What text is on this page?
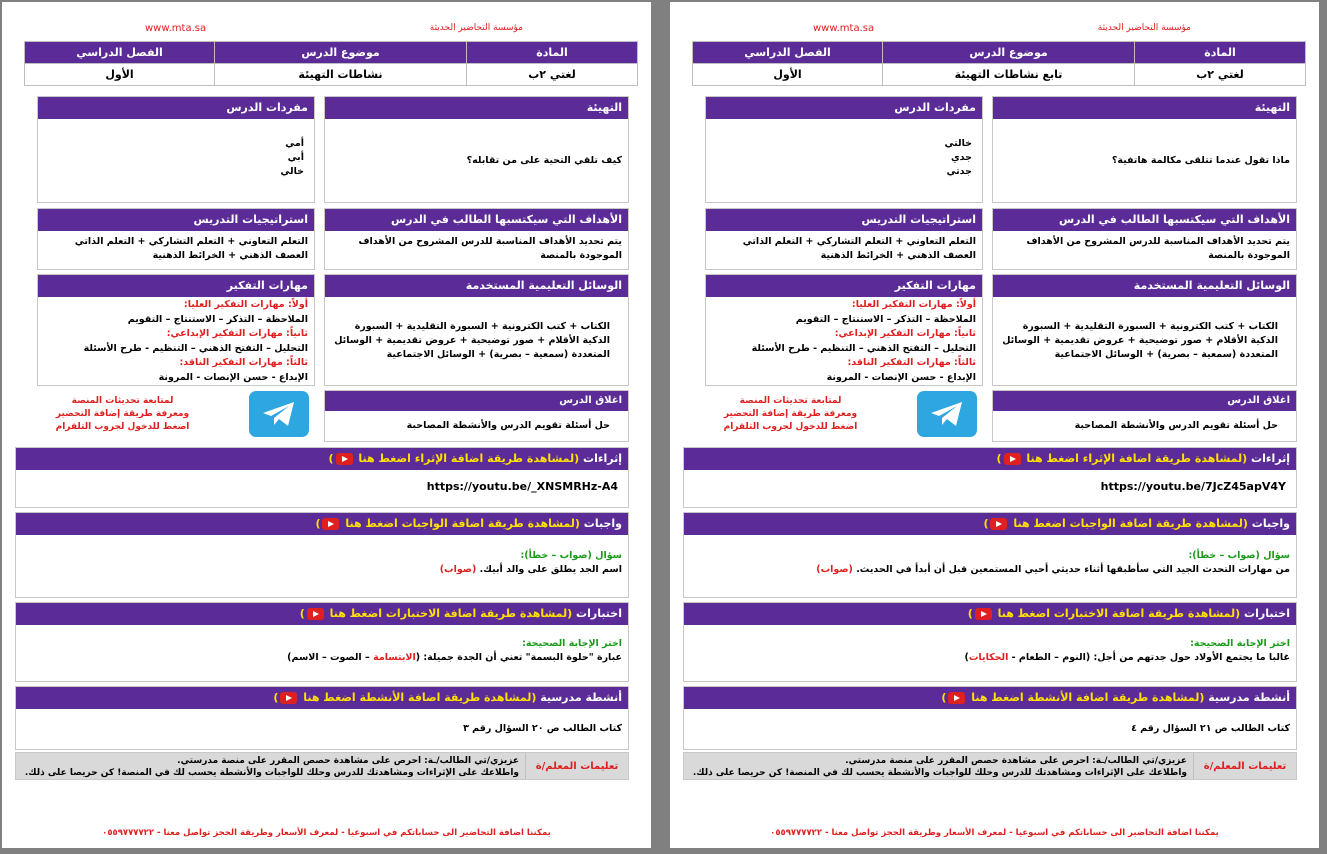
مؤسسة التحاضير الحديثة
www.mta.sa
المادة	موضوع الدرس	الفصل الدراسي
لغتي ٢ب	تابع نشاطات التهيئة	الأول
التهيئة
ماذا تقول عندما تتلقى مكالمة هاتفية؟
مفردات الدرس
خالتي
جدي
جدتي
الأهداف التي سيكتسبها الطالب في الدرس
يتم تحديد الأهداف المناسبة للدرس المشروح من الأهداف الموجودة بالمنصة
استراتيجيات التدريس
التعلم التعاوني + التعلم التشاركي + التعلم الذاتي العصف الذهني + الخرائط الذهنية
الوسائل التعليمية المستخدمة
الكتاب + كتب الكترونية + السبورة التقليدية + السبورة الذكية الأقلام + صور توضيحية + عروض تقديمية + الوسائل المتعددة (سمعية – بصرية) + الوسائل الاجتماعية
مهارات التفكير
أولاً: مهارات التفكير العليا:
الملاحظة – التذكر – الاستنتاج – التقويم
ثانياً: مهارات التفكير الإبداعي:
التحليل – التفتح الذهني – التنظيم - طرح الأسئلة
ثالثاً: مهارات التفكير الناقد:
الإبداع - حسن الإنصات - المرونة
اغلاق الدرس
حل أسئلة تقويم الدرس والأنشطة المصاحبة
لمتابعة تحديثات المنصة
ومعرفة طريقة إضافة التحضير
اضغط للدخول لجروب التلقرام
إثراءات (لمشاهدة طريقة اضافة الإثراء اضغط هنا )
https://youtu.be/7JcZ45apV4Y
واجبات (لمشاهدة طريقة اضافة الواجبات اضغط هنا )
سؤال (صواب – خطأ):
من مهارات التحدث الجيد التي سأطبقها أثناء حديثي أحيي المستمعين قبل أن أبدأ في الحديث. (صواب)
اختبارات (لمشاهدة طريقة اضافة الاختبارات اضغط هنا )
اختر الإجابة الصحيحة:
غالبا ما يجتمع الأولاد حول جدتهم من أجل: (النوم – الطعام - الحكايات)
أنشطة مدرسية (لمشاهدة طريقة اضافة الأنشطة اضغط هنا )
كتاب الطالب ص ٢١ السؤال رقم ٤
تعليمات المعلم/ة
عزيزي/تي الطالب/ـة: احرص على مشاهدة حصص المقرر على منصة مدرستي.
واطلاعك على الإثراءات ومشاهدتك للدرس وحلك للواجبات والأنشطة يحسب لك في المنصة! كن حريصا على ذلك.
يمكننا اضافة التحاضير الى حساباتكم في اسبوعيا - لمعرف الأسعار وطريقة الحجز تواصل معنا - ٠٥٥٩٧٧٧٧٢٢
مؤسسة التحاضير الحديثة
www.mta.sa
المادة	موضوع الدرس	الفصل الدراسي
لغتي ٢ب	نشاطات التهيئة	الأول
التهيئة
كيف تلقي التحية على من تقابله؟
مفردات الدرس
أمي
أبي
خالي
الأهداف التي سيكتسبها الطالب في الدرس
يتم تحديد الأهداف المناسبة للدرس المشروح من الأهداف الموجودة بالمنصة
استراتيجيات التدريس
التعلم التعاوني + التعلم التشاركي + التعلم الذاتي العصف الذهني + الخرائط الذهنية
الوسائل التعليمية المستخدمة
الكتاب + كتب الكترونية + السبورة التقليدية + السبورة الذكية الأقلام + صور توضيحية + عروض تقديمية + الوسائل المتعددة (سمعية – بصرية) + الوسائل الاجتماعية
مهارات التفكير
أولاً: مهارات التفكير العليا:
الملاحظة – التذكر – الاستنتاج – التقويم
ثانياً: مهارات التفكير الإبداعي:
التحليل – التفتح الذهني – التنظيم - طرح الأسئلة
ثالثاً: مهارات التفكير الناقد:
الإبداع - حسن الإنصات - المرونة
اغلاق الدرس
حل أسئلة تقويم الدرس والأنشطة المصاحبة
لمتابعة تحديثات المنصة
ومعرفة طريقة إضافة التحضير
اضغط للدخول لجروب التلقرام
إثراءات (لمشاهدة طريقة اضافة الإثراء اضغط هنا )
https://youtu.be/_XNSMRHz-A4
واجبات (لمشاهدة طريقة اضافة الواجبات اضغط هنا )
سؤال (صواب – خطأ):
اسم الجد يطلق على والد أبيك. (صواب)
اختبارات (لمشاهدة طريقة اضافة الاختبارات اضغط هنا )
اختر الإجابة الصحيحة:
عبارة "حلوة البسمة" تعني أن الجدة جميلة: (الابتسامة – الصوت – الاسم)
أنشطة مدرسية (لمشاهدة طريقة اضافة الأنشطة اضغط هنا )
كتاب الطالب ص ٢٠ السؤال رقم ٣
تعليمات المعلم/ة
عزيزي/تي الطالب/ـة: احرص على مشاهدة حصص المقرر على منصة مدرستي.
واطلاعك على الإثراءات ومشاهدتك للدرس وحلك للواجبات والأنشطة يحسب لك في المنصة! كن حريصا على ذلك.
يمكننا اضافة التحاضير الى حساباتكم في اسبوعيا - لمعرف الأسعار وطريقة الحجز تواصل معنا - ٠٥٥٩٧٧٧٧٢٢
